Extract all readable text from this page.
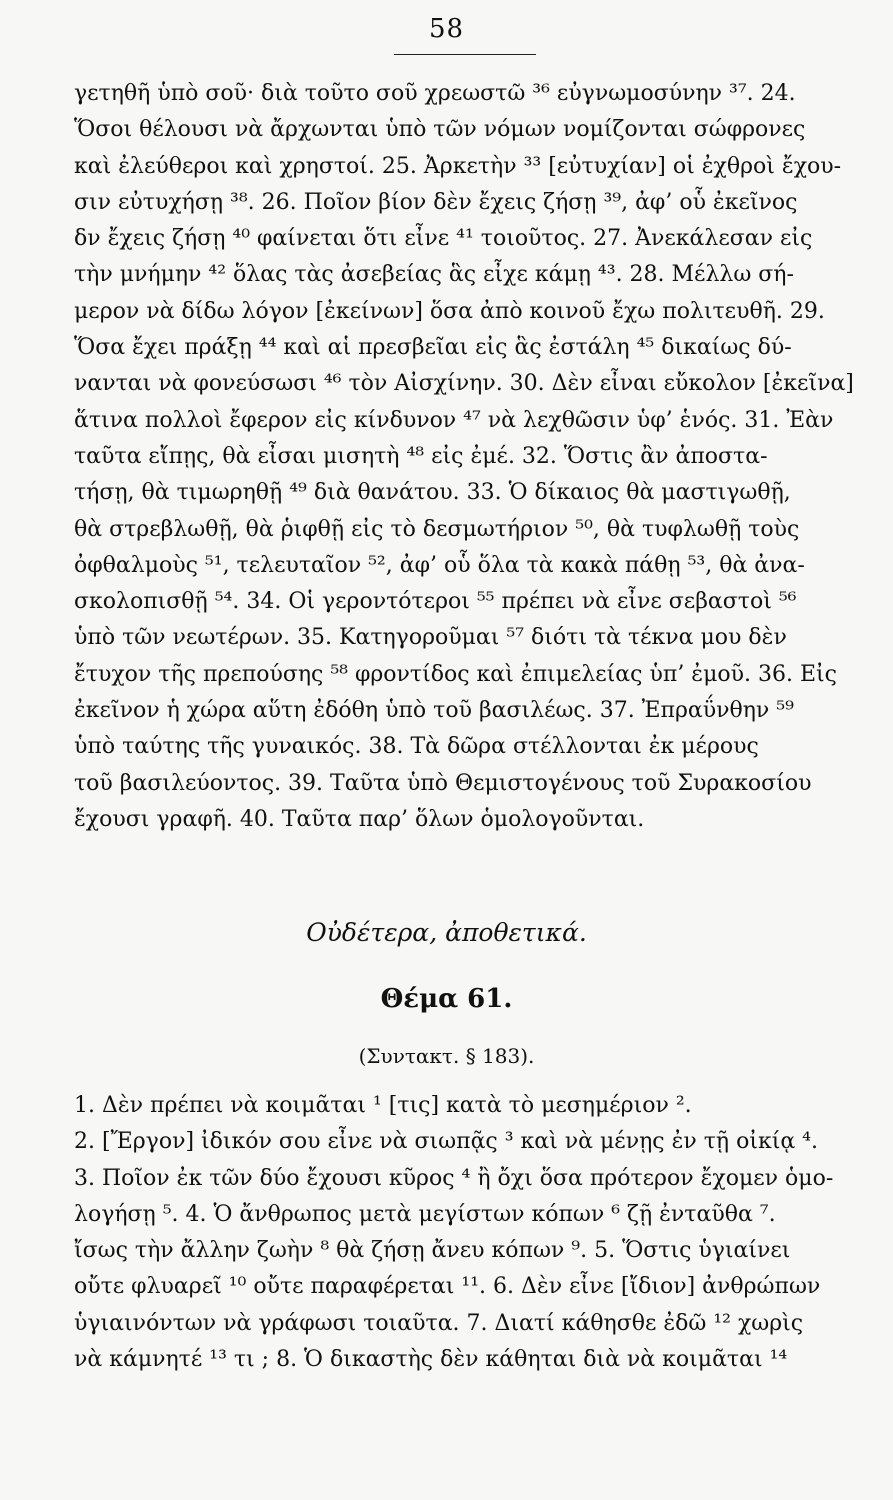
58
γετηθῆ ὑπὸ σοῦ· διὰ τοῦτο σοῦ χρεωστῶ ³⁶ εὐγνωμοσύνην ³⁷. 24.
Ὅσοι θέλουσι νὰ ἄρχωνται ὑπὸ τῶν νόμων νομίζονται σώφρονες
καὶ ἐλεύθεροι καὶ χρηστοί. 25. Ἀρκετὴν ³³ [εὐτυχίαν] οἱ ἐχθροὶ ἔχου-
σιν εὐτυχήσῃ ³⁸. 26. Ποῖον βίον δὲν ἔχεις ζήσῃ ³⁹, ἀφ’ οὗ ἐκεῖνος
δν ἔχεις ζήσῃ ⁴⁰ φαίνεται ὅτι εἶνε ⁴¹ τοιοῦτος. 27. Ἀνεκάλεσαν εἰς
τὴν μνήμην ⁴² ὅλας τὰς ἀσεβείας ἃς εἶχε κάμῃ ⁴³. 28. Μέλλω σή-
μερον νὰ δίδω λόγον [ἐκείνων] ὅσα ἀπὸ κοινοῦ ἔχω πολιτευθῆ. 29.
Ὅσα ἔχει πράξῃ ⁴⁴ καὶ αἱ πρεσβεῖαι εἰς ἃς ἐστάλη ⁴⁵ δικαίως δύ-
νανται νὰ φονεύσωσι ⁴⁶ τὸν Αἰσχίνην. 30. Δὲν εἶναι εὔκολον [ἐκεῖνα]
ἅτινα πολλοὶ ἔφερον εἰς κίνδυνον ⁴⁷ νὰ λεχθῶσιν ὑφ’ ἑνός. 31. Ἐὰν
ταῦτα εἴπῃς, θὰ εἶσαι μισητὴ ⁴⁸ εἰς ἐμέ. 32. Ὅστις ἂν ἀποστα-
τήσῃ, θὰ τιμωρηθῇ ⁴⁹ διὰ θανάτου. 33. Ὁ δίκαιος θὰ μαστιγωθῇ,
θὰ στρεβλωθῇ, θὰ ῥιφθῇ εἰς τὸ δεσμωτήριον ⁵⁰, θὰ τυφλωθῇ τοὺς
ὀφθαλμοὺς ⁵¹, τελευταῖον ⁵², ἀφ’ οὗ ὅλα τὰ κακὰ πάθῃ ⁵³, θὰ ἀνα-
σκολοπισθῇ ⁵⁴. 34. Οἱ γεροντότεροι ⁵⁵ πρέπει νὰ εἶνε σεβαστοὶ ⁵⁶
ὑπὸ τῶν νεωτέρων. 35. Κατηγοροῦμαι ⁵⁷ διότι τὰ τέκνα μου δὲν
ἔτυχον τῆς πρεπούσης ⁵⁸ φροντίδος καὶ ἐπιμελείας ὑπ’ ἐμοῦ. 36. Εἰς
ἐκεῖνον ἡ χώρα αὕτη ἐδόθη ὑπὸ τοῦ βασιλέως. 37. Ἐπραΰνθην ⁵⁹
ὑπὸ ταύτης τῆς γυναικός. 38. Τὰ δῶρα στέλλονται ἐκ μέρους
τοῦ βασιλεύοντος. 39. Ταῦτα ὑπὸ Θεμιστογένους τοῦ Συρακοσίου
ἔχουσι γραφῆ. 40. Ταῦτα παρ’ ὅλων ὁμολογοῦνται.
Οὐδέτερα, ἀποθετικά.
Θέμα 61.
(Συντακτ. § 183).
1. Δὲν πρέπει νὰ κοιμᾶται ¹ [τις] κατὰ τὸ μεσημέριον ².
2. [Ἔργον] ἰδικόν σου εἶνε νὰ σιωπᾷς ³ καὶ νὰ μένῃς ἐν τῇ οἰκίᾳ ⁴.
3. Ποῖον ἐκ τῶν δύο ἔχουσι κῦρος ⁴ ἢ ὄχι ὅσα πρότερον ἔχομεν ὁμο-
λογήσῃ ⁵. 4. Ὁ ἄνθρωπος μετὰ μεγίστων κόπων ⁶ ζῇ ἐνταῦθα ⁷.
ἴσως τὴν ἄλλην ζωὴν ⁸ θὰ ζήσῃ ἄνευ κόπων ⁹. 5. Ὅστις ὑγιαίνει
οὔτε φλυαρεῖ ¹⁰ οὔτε παραφέρεται ¹¹. 6. Δὲν εἶνε [ἴδιον] ἀνθρώπων
ὑγιαινόντων νὰ γράφωσι τοιαῦτα. 7. Διατί κάθησθε ἐδῶ ¹² χωρὶς
νὰ κάμνητέ ¹³ τι ; 8. Ὁ δικαστὴς δὲν κάθηται διὰ νὰ κοιμᾶται ¹⁴
